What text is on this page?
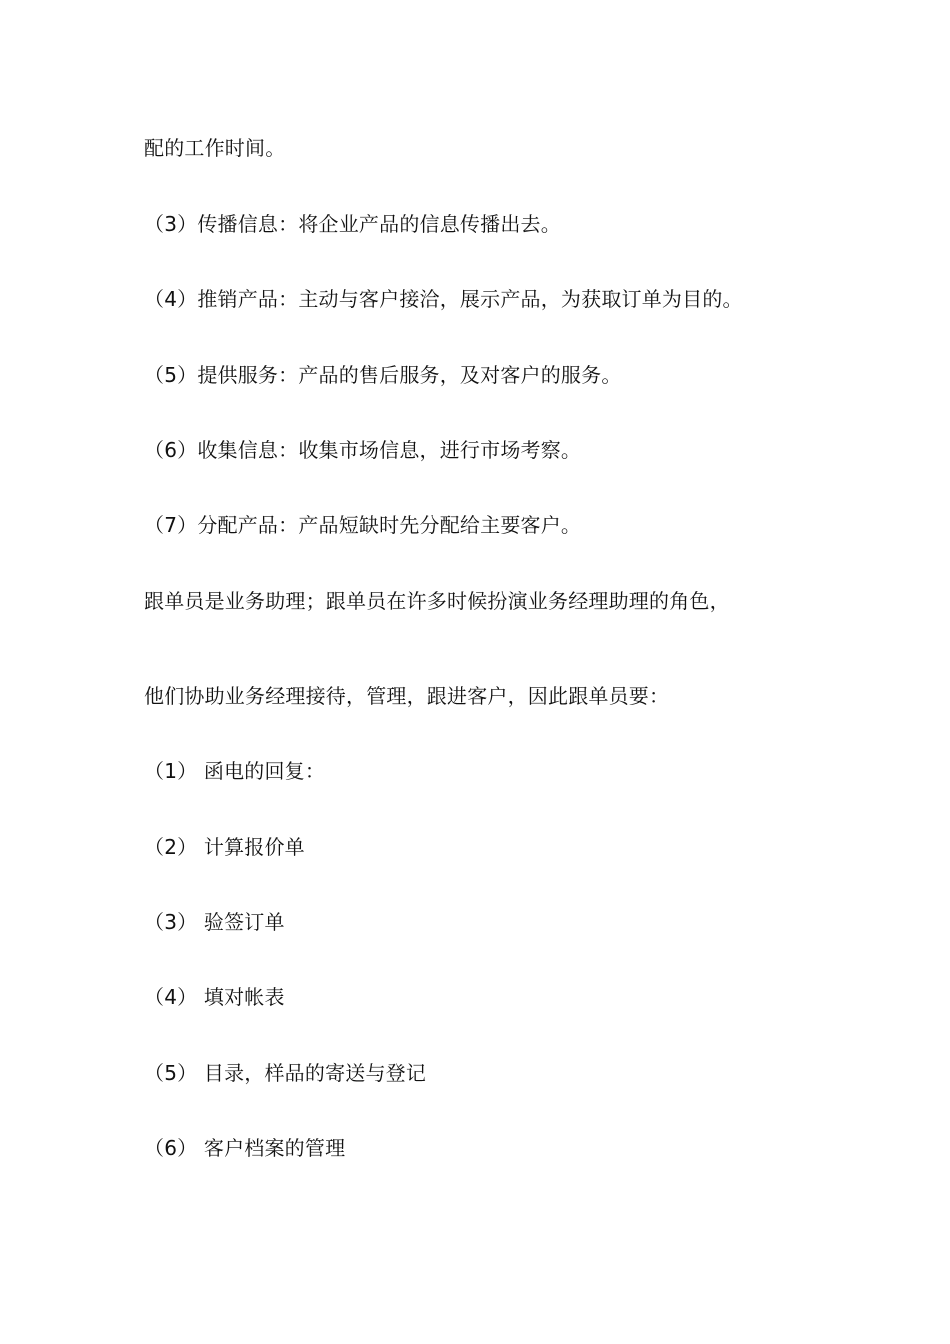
配的工作时间。
（3）传播信息：将企业产品的信息传播出去。
（4）推销产品：主动与客户接洽，展示产品，为获取订单为目的。
（5）提供服务：产品的售后服务，及对客户的服务。
（6）收集信息：收集市场信息，进行市场考察。
（7）分配产品：产品短缺时先分配给主要客户。
跟单员是业务助理；跟单员在许多时候扮演业务经理助理的角色，
他们协助业务经理接待，管理，跟进客户，因此跟单员要：
（1） 函电的回复：
（2） 计算报价单
（3） 验签订单
（4） 填对帐表
（5） 目录，样品的寄送与登记
（6） 客户档案的管理
